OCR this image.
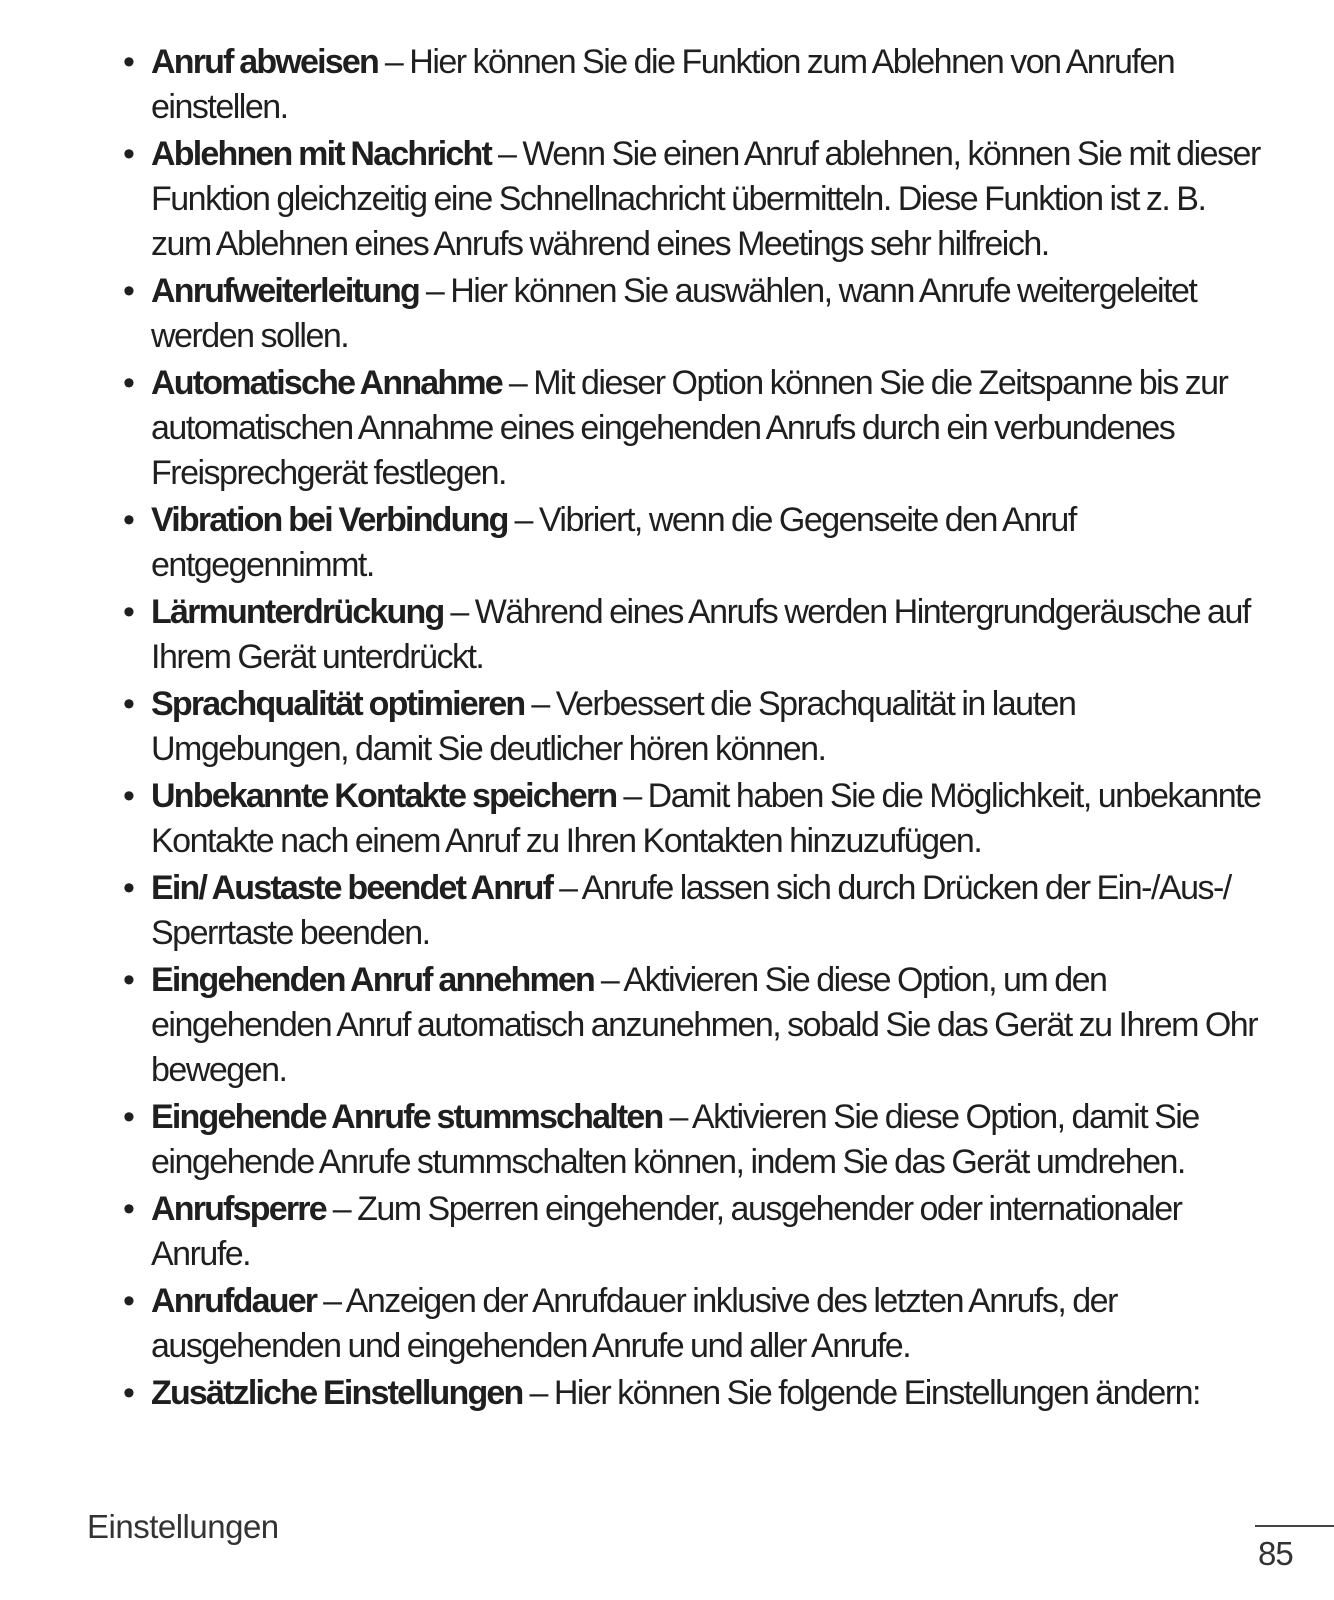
• Anruf abweisen – Hier können Sie die Funktion zum Ablehnen von Anrufen einstellen.
• Ablehnen mit Nachricht – Wenn Sie einen Anruf ablehnen, können Sie mit dieser Funktion gleichzeitig eine Schnellnachricht übermitteln. Diese Funktion ist z. B. zum Ablehnen eines Anrufs während eines Meetings sehr hilfreich.
• Anrufweiterleitung – Hier können Sie auswählen, wann Anrufe weitergeleitet werden sollen.
• Automatische Annahme – Mit dieser Option können Sie die Zeitspanne bis zur automatischen Annahme eines eingehenden Anrufs durch ein verbundenes Freisprechgerät festlegen.
• Vibration bei Verbindung – Vibriert, wenn die Gegenseite den Anruf entgegennimmt.
• Lärmunterdrückung – Während eines Anrufs werden Hintergrundgeräusche auf Ihrem Gerät unterdrückt.
• Sprachqualität optimieren – Verbessert die Sprachqualität in lauten Umgebungen, damit Sie deutlicher hören können.
• Unbekannte Kontakte speichern – Damit haben Sie die Möglichkeit, unbekannte Kontakte nach einem Anruf zu Ihren Kontakten hinzuzufügen.
• Ein/ Austaste beendet Anruf – Anrufe lassen sich durch Drücken der Ein-/Aus-/ Sperrtaste beenden.
• Eingehenden Anruf annehmen – Aktivieren Sie diese Option, um den eingehenden Anruf automatisch anzunehmen, sobald Sie das Gerät zu Ihrem Ohr bewegen.
• Eingehende Anrufe stummschalten – Aktivieren Sie diese Option, damit Sie eingehende Anrufe stummschalten können, indem Sie das Gerät umdrehen.
• Anrufsperre – Zum Sperren eingehender, ausgehender oder internationaler Anrufe.
• Anrufdauer – Anzeigen der Anrufdauer inklusive des letzten Anrufs, der ausgehenden und eingehenden Anrufe und aller Anrufe.
• Zusätzliche Einstellungen – Hier können Sie folgende Einstellungen ändern:
Einstellungen
85
